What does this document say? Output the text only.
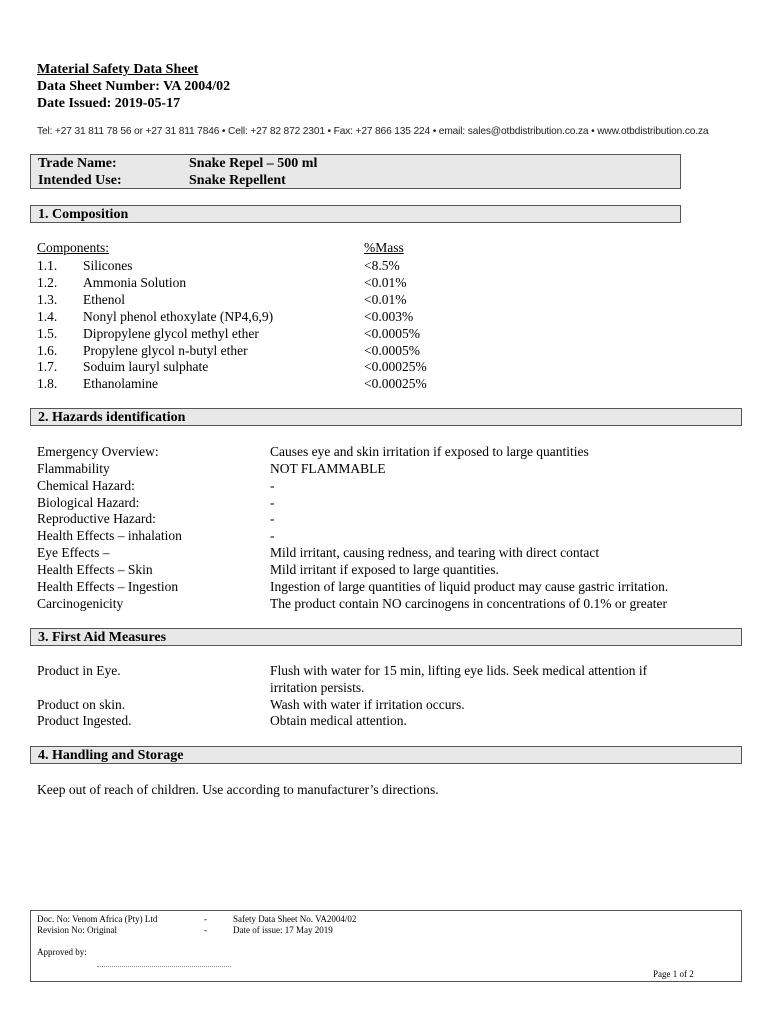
Material Safety Data Sheet
Data Sheet Number: VA 2004/02
Date Issued: 2019-05-17
Tel: +27 31 811 78 56 or +27 31 811 7846 • Cell: +27 82 872 2301 • Fax: +27 866 135 224 • email: sales@otbdistribution.co.za • www.otbdistribution.co.za
Trade Name:	Snake Repel – 500 ml
Intended Use:	Snake Repellent
1. Composition
Components:	%Mass
1.1. Silicones	<8.5%
1.2. Ammonia Solution	<0.01%
1.3. Ethenol	<0.01%
1.4. Nonyl phenol ethoxylate (NP4,6,9)	<0.003%
1.5. Dipropylene glycol methyl ether	<0.0005%
1.6. Propylene glycol n-butyl ether	<0.0005%
1.7. Soduim lauryl sulphate	<0.00025%
1.8. Ethanolamine	<0.00025%
2. Hazards identification
Emergency Overview:	Causes eye and skin irritation if exposed to large quantities
Flammability	NOT FLAMMABLE
Chemical Hazard:	-
Biological Hazard:	-
Reproductive Hazard:	-
Health Effects – inhalation	-
Eye Effects –	Mild irritant, causing redness, and tearing with direct contact
Health Effects – Skin	Mild irritant if exposed to large quantities.
Health Effects – Ingestion	Ingestion of large quantities of liquid product may cause gastric irritation.
Carcinogenicity	The product contain NO carcinogens in concentrations of 0.1% or greater
3. First Aid Measures
Product in Eye.	Flush with water for 15 min, lifting eye lids. Seek medical attention if
irritation persists.
Product on skin.	Wash with water if irritation occurs.
Product Ingested.	Obtain medical attention.
4. Handling and Storage
Keep out of reach of children. Use according to manufacturer’s directions.
Doc. No: Venom Africa (Pty) Ltd
Revision No: Original
-
-
Safety Data Sheet No. VA2004/02
Date of issue: 17 May 2019
Approved by:
Page 1 of 2
